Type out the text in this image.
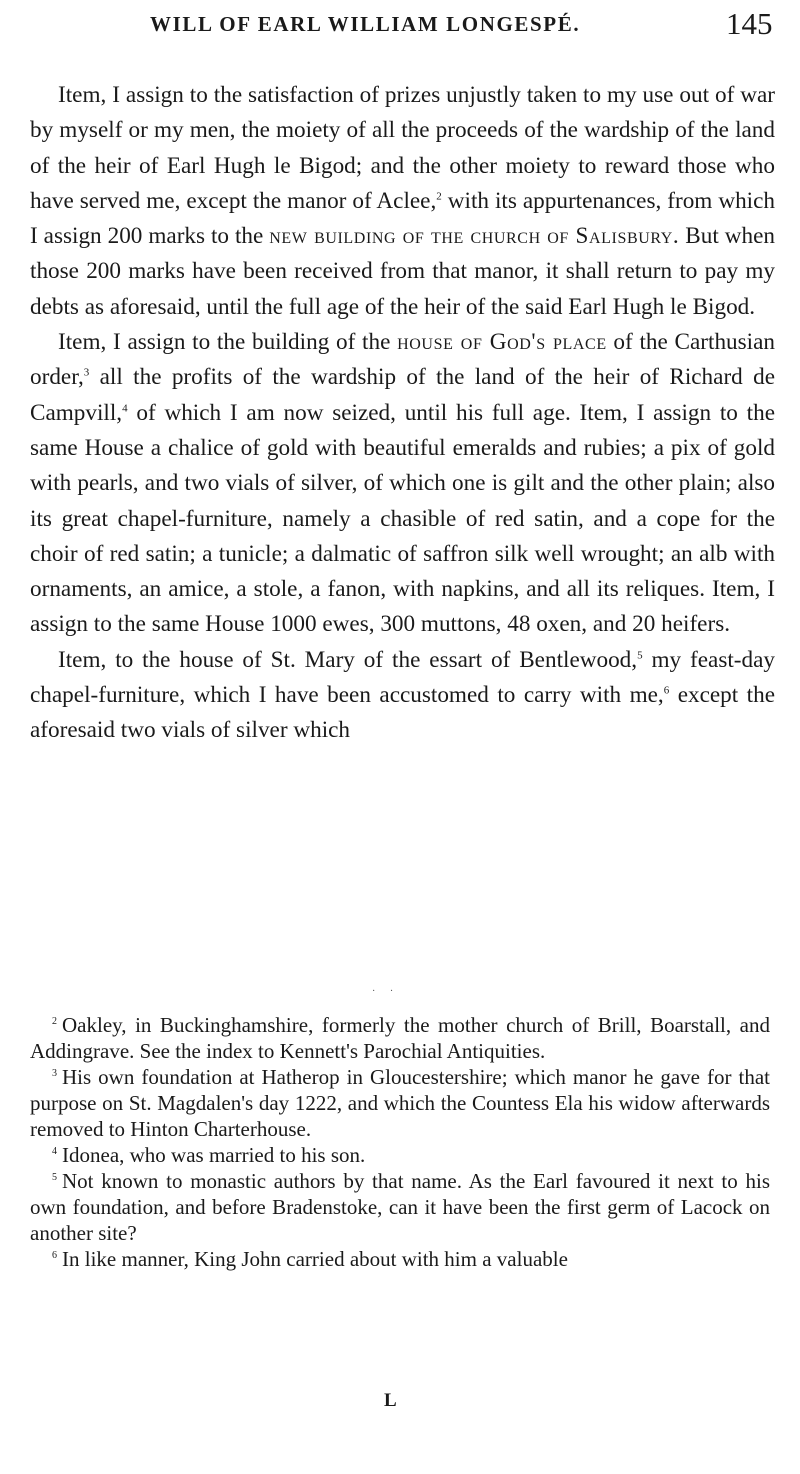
WILL OF EARL WILLIAM LONGESPÉ.	145

Item, I assign to the satisfaction of prizes unjustly taken to my use out of war by myself or my men, the moiety of all the proceeds of the wardship of the land of the heir of Earl Hugh le Bigod; and the other moiety to reward those who have served me, except the manor of Aclee,$^2$ with its appurtenances, from which I assign 200 marks to the new building of the church of Salisbury. But when those 200 marks have been received from that manor, it shall return to pay my debts as aforesaid, until the full age of the heir of the said Earl Hugh le Bigod.

Item, I assign to the building of the house of God's place of the Carthusian order,$^3$ all the profits of the wardship of the land of the heir of Richard de Campvill,$^4$ of which I am now seized, until his full age. Item, I assign to the same House a chalice of gold with beautiful emeralds and rubies; a pix of gold with pearls, and two vials of silver, of which one is gilt and the other plain; also its great chapel-furniture, namely a chasible of red satin, and a cope for the choir of red satin; a tunicle; a dalmatic of saffron silk well wrought; an alb with ornaments, an amice, a stole, a fanon, with napkins, and all its reliques. Item, I assign to the same House 1000 ewes, 300 muttons, 48 oxen, and 20 heifers.

Item, to the house of St. Mary of the essart of Bentlewood,$^5$ my feast-day chapel-furniture, which I have been accustomed to carry with me,$^6$ except the aforesaid two vials of silver which

· ·

$^2$ Oakley, in Buckinghamshire, formerly the mother church of Brill, Boarstall, and Addingrave. See the index to Kennett's Parochial Antiquities.

$^3$ His own foundation at Hatherop in Gloucestershire; which manor he gave for that purpose on St. Magdalen's day 1222, and which the Countess Ela his widow afterwards removed to Hinton Charterhouse.

$^4$ Idonea, who was married to his son.

$^5$ Not known to monastic authors by that name. As the Earl favoured it next to his own foundation, and before Bradenstoke, can it have been the first germ of Lacock on another site?

$^6$ In like manner, King John carried about with him a valuable

L
